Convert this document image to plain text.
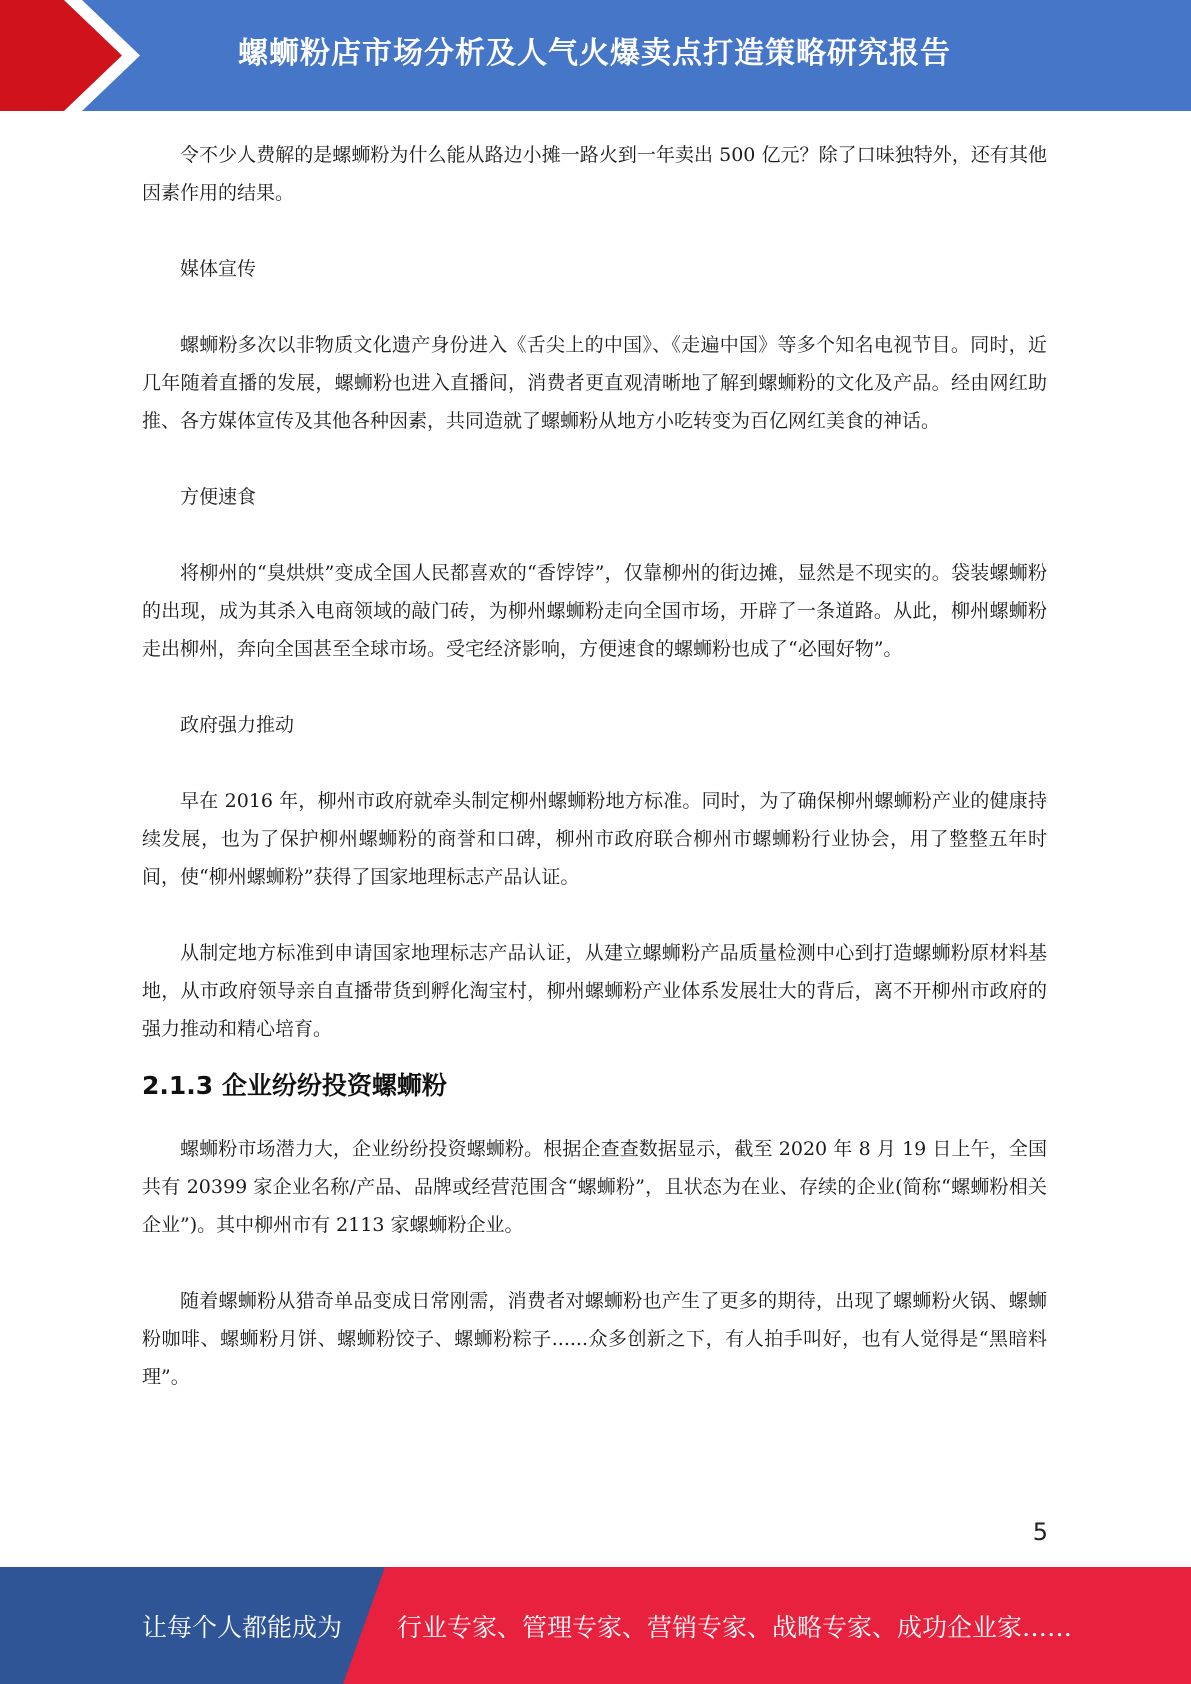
螺蛳粉店市场分析及人气火爆卖点打造策略研究报告

令不少人费解的是螺蛳粉为什么能从路边小摊一路火到一年卖出 500 亿元？除了口味独特外，还有其他因素作用的结果。

媒体宣传

螺蛳粉多次以非物质文化遗产身份进入《舌尖上的中国》、《走遍中国》等多个知名电视节目。同时，近几年随着直播的发展，螺蛳粉也进入直播间，消费者更直观清晰地了解到螺蛳粉的文化及产品。经由网红助推、各方媒体宣传及其他各种因素，共同造就了螺蛳粉从地方小吃转变为百亿网红美食的神话。

方便速食

将柳州的“臭烘烘”变成全国人民都喜欢的“香饽饽”，仅靠柳州的街边摊，显然是不现实的。袋装螺蛳粉的出现，成为其杀入电商领域的敲门砖，为柳州螺蛳粉走向全国市场，开辟了一条道路。从此，柳州螺蛳粉走出柳州，奔向全国甚至全球市场。受宅经济影响，方便速食的螺蛳粉也成了“必囤好物”。

政府强力推动

早在 2016 年，柳州市政府就牵头制定柳州螺蛳粉地方标准。同时，为了确保柳州螺蛳粉产业的健康持续发展，也为了保护柳州螺蛳粉的商誉和口碑，柳州市政府联合柳州市螺蛳粉行业协会，用了整整五年时间，使“柳州螺蛳粉”获得了国家地理标志产品认证。

从制定地方标准到申请国家地理标志产品认证，从建立螺蛳粉产品质量检测中心到打造螺蛳粉原材料基地，从市政府领导亲自直播带货到孵化淘宝村，柳州螺蛳粉产业体系发展壮大的背后，离不开柳州市政府的强力推动和精心培育。

2.1.3 企业纷纷投资螺蛳粉

螺蛳粉市场潜力大，企业纷纷投资螺蛳粉。根据企查查数据显示，截至 2020 年 8 月 19 日上午，全国共有 20399 家企业名称/产品、品牌或经营范围含“螺蛳粉”，且状态为在业、存续的企业(简称“螺蛳粉相关企业”)。其中柳州市有 2113 家螺蛳粉企业。

随着螺蛳粉从猎奇单品变成日常刚需，消费者对螺蛳粉也产生了更多的期待，出现了螺蛳粉火锅、螺蛳粉咖啡、螺蛳粉月饼、螺蛳粉饺子、螺蛳粉粽子......众多创新之下，有人拍手叫好，也有人觉得是“黑暗料理”。

5
让每个人都能成为 行业专家、管理专家、营销专家、战略专家、成功企业家……
